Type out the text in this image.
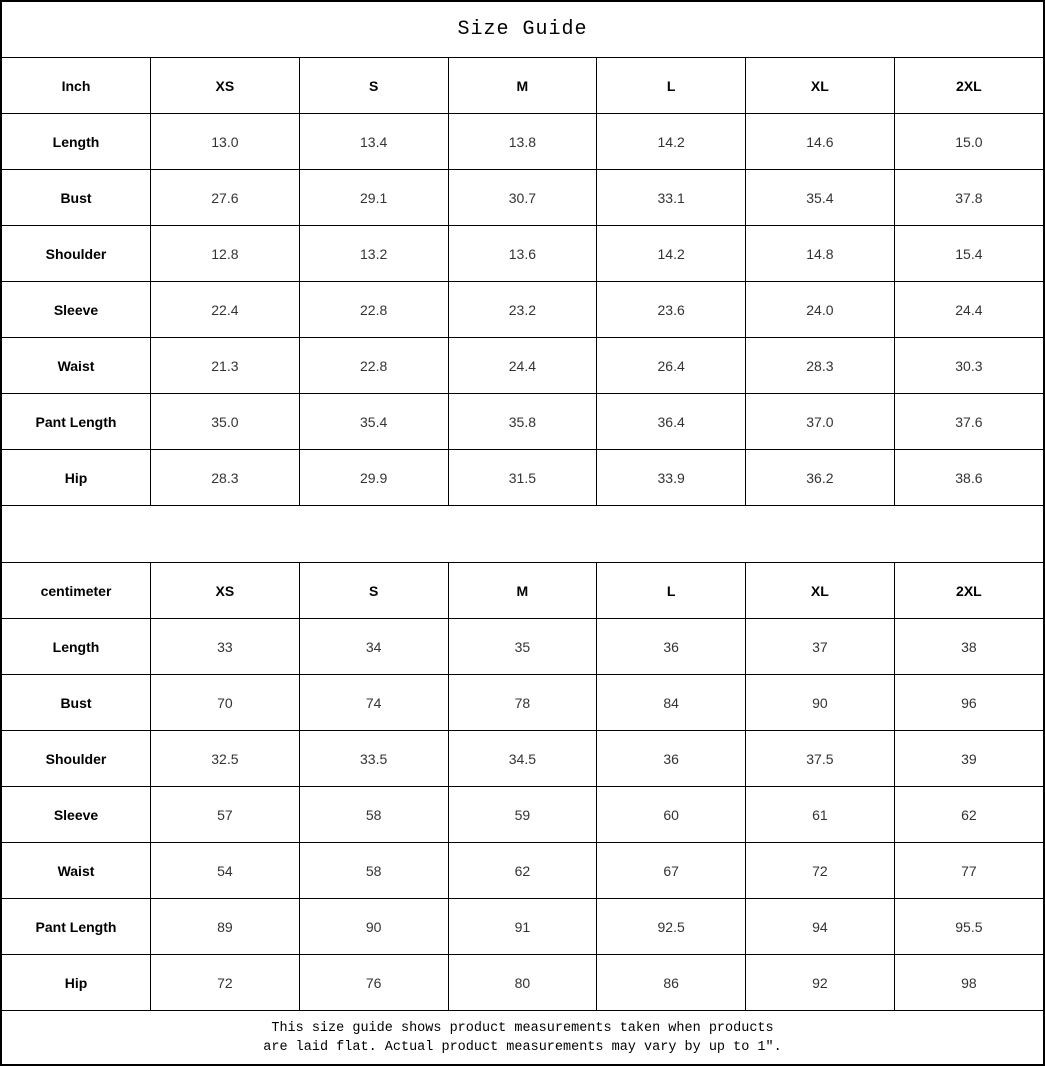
Size Guide
Inch	XS	S	M	L	XL	2XL
Length	13.0	13.4	13.8	14.2	14.6	15.0
Bust	27.6	29.1	30.7	33.1	35.4	37.8
Shoulder	12.8	13.2	13.6	14.2	14.8	15.4
Sleeve	22.4	22.8	23.2	23.6	24.0	24.4
Waist	21.3	22.8	24.4	26.4	28.3	30.3
Pant Length	35.0	35.4	35.8	36.4	37.0	37.6
Hip	28.3	29.9	31.5	33.9	36.2	38.6
centimeter	XS	S	M	L	XL	2XL
Length	33	34	35	36	37	38
Bust	70	74	78	84	90	96
Shoulder	32.5	33.5	34.5	36	37.5	39
Sleeve	57	58	59	60	61	62
Waist	54	58	62	67	72	77
Pant Length	89	90	91	92.5	94	95.5
Hip	72	76	80	86	92	98
This size guide shows product measurements taken when products
are laid flat. Actual product measurements may vary by up to 1″.
